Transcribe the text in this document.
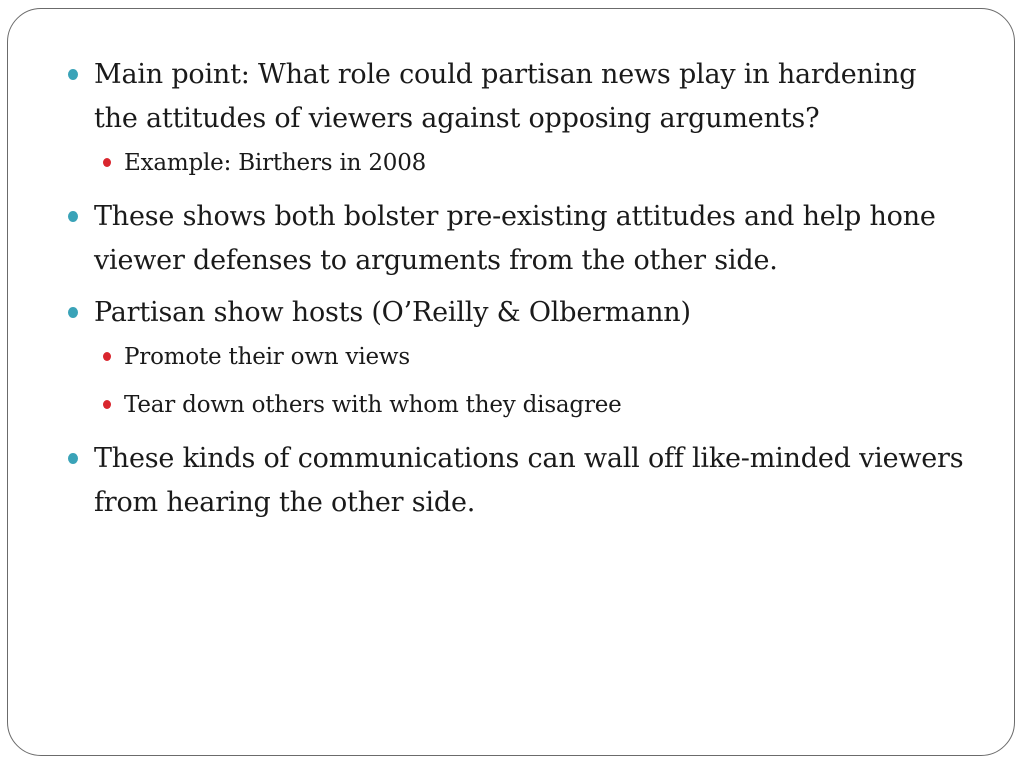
Main point: What role could partisan news play in hardening the attitudes of viewers against opposing arguments?
Example: Birthers in 2008
These shows both bolster pre-existing attitudes and help hone viewer defenses to arguments from the other side.
Partisan show hosts (O’Reilly & Olbermann)
Promote their own views
Tear down others with whom they disagree
These kinds of communications can wall off like-minded viewers from hearing the other side.
